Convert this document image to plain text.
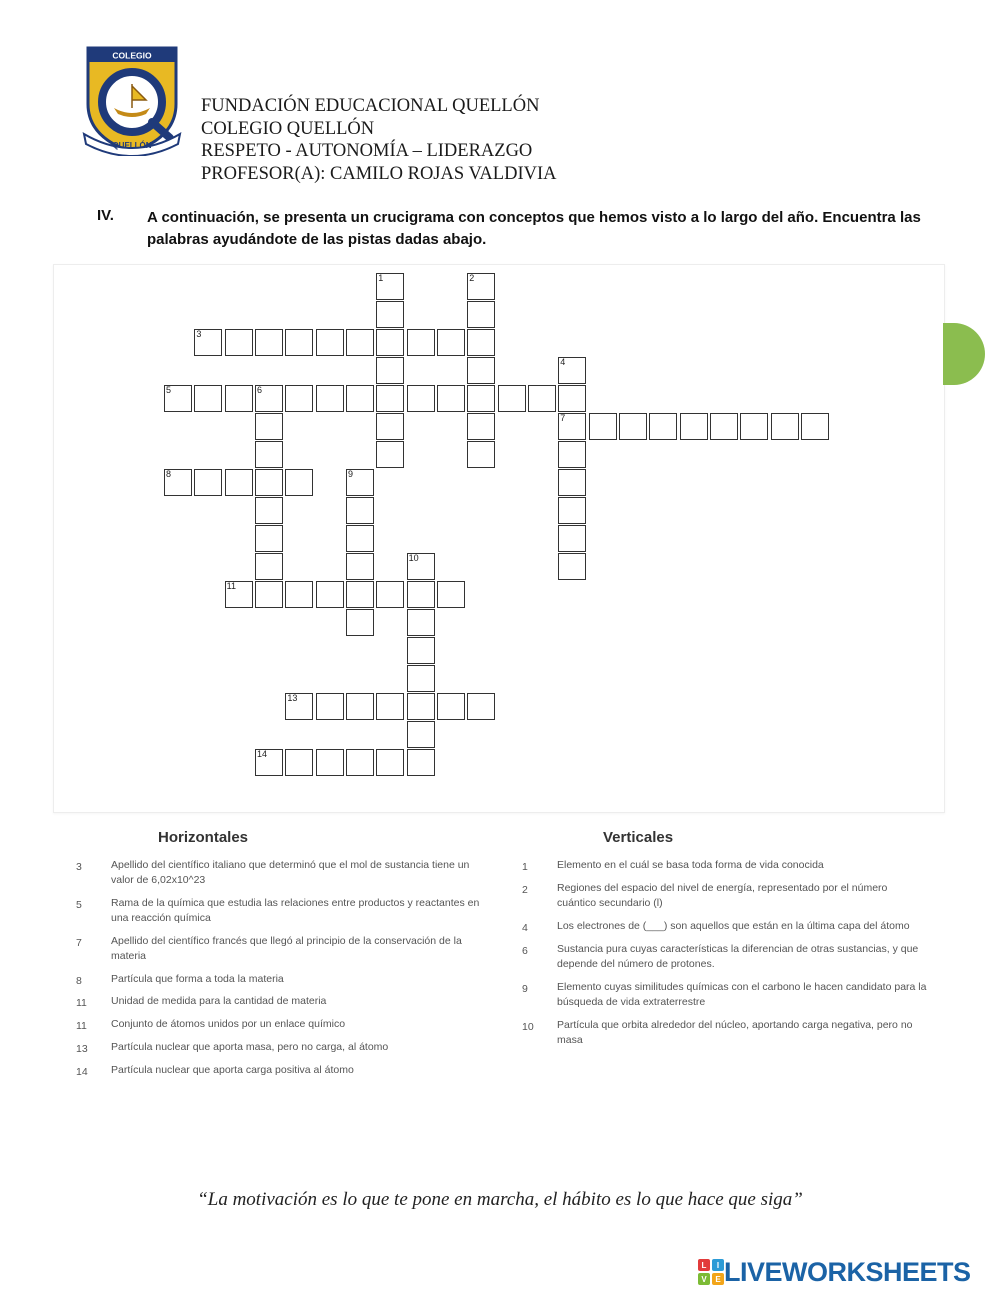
COLEGIO
QUELLÓN
FUNDACIÓN EDUCACIONAL QUELLÓN
COLEGIO QUELLÓN
RESPETO - AUTONOMÍA – LIDERAZGO
PROFESOR(A): CAMILO ROJAS VALDIVIA
IV. A continuación, se presenta un crucigrama con conceptos que hemos visto a lo largo del año. Encuentra las palabras ayudándote de las pistas dadas abajo.
1	2
3
4
7
5	6
8	9
10
11
13
14
Horizontales	Verticales
3	Apellido del científico italiano que determinó que el mol de sustancia tiene un valor de 6,02x10^23
5	Rama de la química que estudia las relaciones entre productos y reactantes en una reacción química
7	Apellido del científico francés que llegó al principio de la conservación de la materia
8	Partícula que forma a toda la materia
11	Unidad de medida para la cantidad de materia
11	Conjunto de átomos unidos por un enlace químico
13	Partícula nuclear que aporta masa, pero no carga, al átomo
14	Partícula nuclear que aporta carga positiva al átomo
1	Elemento en el cuál se basa toda forma de vida conocida
2	Regiones del espacio del nivel de energía, representado por el número cuántico secundario (l)
4	Los electrones de (___) son aquellos que están en la última capa del átomo
6	Sustancia pura cuyas características la diferencian de otras sustancias, y que depende del número de protones.
9	Elemento cuyas similitudes químicas con el carbono le hacen candidato para la búsqueda de vida extraterrestre
10	Partícula que orbita alrededor del núcleo, aportando carga negativa, pero no masa
“La motivación es lo que te pone en marcha, el hábito es lo que hace que siga”
L I
V E LIVEWORKSHEETS
